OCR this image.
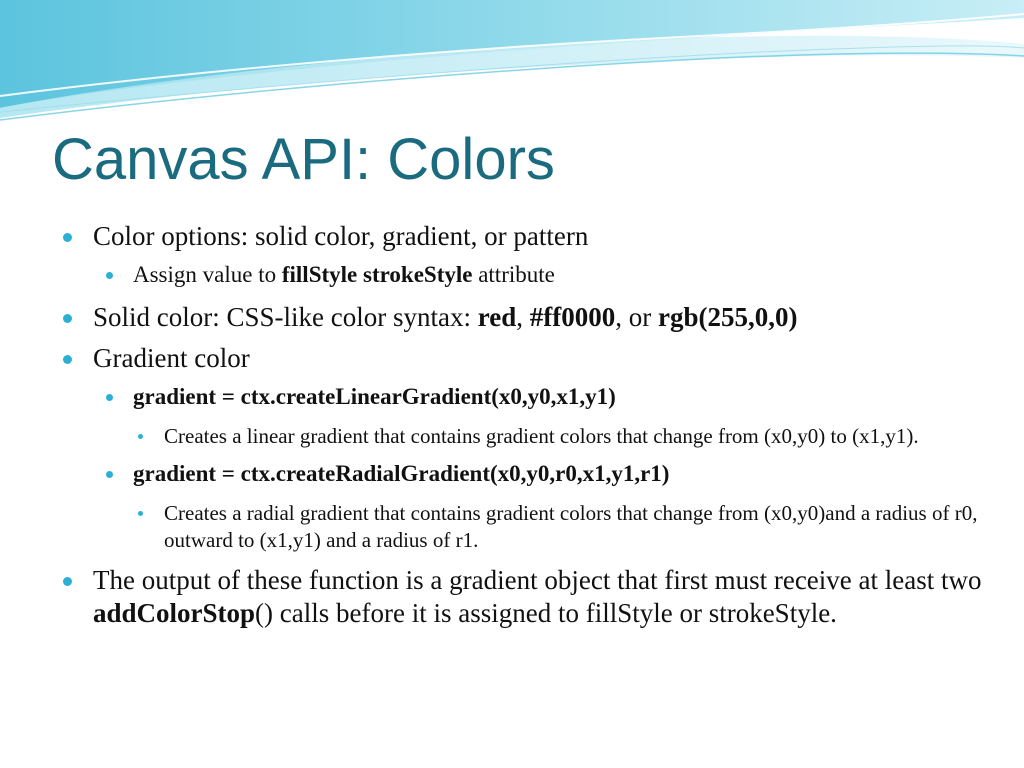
Canvas API: Colors
Color options: solid color, gradient, or pattern
Assign value to fillStyle strokeStyle attribute
Solid color: CSS-like color syntax: red, #ff0000, or rgb(255,0,0)
Gradient color
gradient = ctx.createLinearGradient(x0,y0,x1,y1)
Creates a linear gradient that contains gradient colors that change from (x0,y0) to (x1,y1).
gradient = ctx.createRadialGradient(x0,y0,r0,x1,y1,r1)
Creates a radial gradient that contains gradient colors that change from (x0,y0)and a radius of r0, outward to (x1,y1) and a radius of r1.
The output of these function is a gradient object that first must receive at least two addColorStop() calls before it is assigned to fillStyle or strokeStyle.
